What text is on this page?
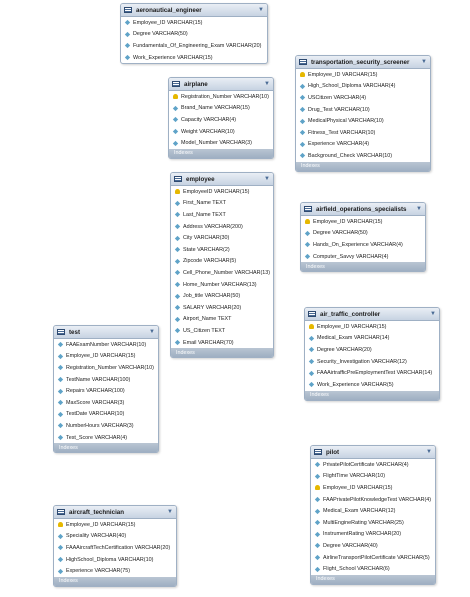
aeronautical_engineer	▼
Employee_ID VARCHAR(15)
Degree VARCHAR(50)
Fundamentals_Of_Engineering_Exam VARCHAR(20)
Work_Experience VARCHAR(15)
airplane	▼
Registration_Number VARCHAR(10)
Brand_Name VARCHAR(15)
Capacity VARCHAR(4)
Weight VARCHAR(10)
Model_Number VARCHAR(3)
Indexes
transportation_security_screener	▼
Employee_ID VARCHAR(15)
High_School_Diploma VARCHAR(4)
USCitizen VARCHAR(4)
Drug_Test VARCHAR(10)
MedicalPhysical VARCHAR(10)
Fitness_Test VARCHAR(10)
Experience VARCHAR(4)
Background_Check VARCHAR(10)
Indexes
employee	▼
EmployeeID VARCHAR(15)
First_Name TEXT
Last_Name TEXT
Address VARCHAR(200)
City VARCHAR(30)
State VARCHAR(2)
Zipcode VARCHAR(5)
Cell_Phone_Number VARCHAR(13)
Home_Number VARCHAR(13)
Job_title VARCHAR(50)
SALARY VARCHAR(20)
Airport_Name TEXT
US_Citizen TEXT
Email VARCHAR(70)
Indexes
airfield_operations_specialists	▼
Employee_ID VARCHAR(15)
Degree VARCHAR(50)
Hands_On_Experience VARCHAR(4)
Computer_Savvy VARCHAR(4)
Indexes
air_traffic_controller	▼
Employee_ID VARCHAR(15)
Medical_Exam VARCHAR(14)
Degree VARCHAR(20)
Security_Investigation VARCHAR(12)
FAAAirtrafficPreEmploymentTest VARCHAR(14)
Work_Experience VARCHAR(5)
Indexes
test	▼
FAAExamNumber VARCHAR(10)
Employee_ID VARCHAR(15)
Registration_Number VARCHAR(10)
TestName VARCHAR(100)
Repairs VARCHAR(100)
MaxScore VARCHAR(3)
TestDate VARCHAR(10)
NumberHours VARCHAR(3)
Test_Score VARCHAR(4)
Indexes
pilot	▼
PrivatePilotCertificate VARCHAR(4)
FlightTime VARCHAR(10)
Employee_ID VARCHAR(15)
FAAPrivatePilotKnowledgeTest VARCHAR(4)
Medical_Exam VARCHAR(12)
MultiEngineRating VARCHAR(25)
InstrumentRating VARCHAR(20)
Degree VARCHAR(40)
AirlineTransportPilotCertificate VARCHAR(5)
Flight_School VARCHAR(6)
Indexes
aircraft_technician	▼
Employee_ID VARCHAR(15)
Speciality VARCHAR(40)
FAAAircraftTechCertification VARCHAR(20)
HighSchool_Diploma VARCHAR(10)
Experience VARCHAR(75)
Indexes
